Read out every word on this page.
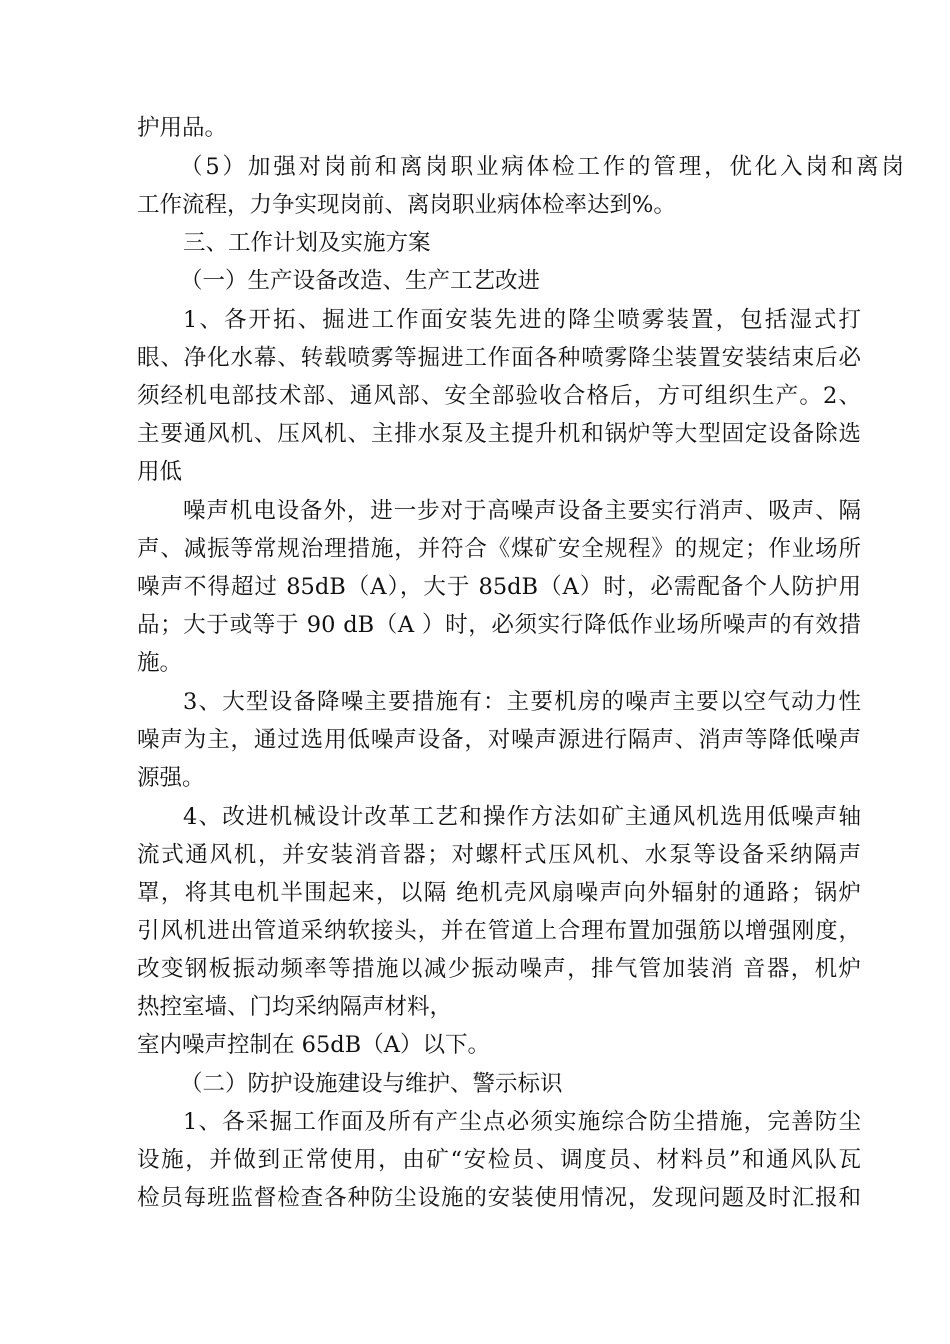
护用品。

（5）加强对岗前和离岗职业病体检工作的管理，优化入岗和离岗

工作流程，力争实现岗前、离岗职业病体检率达到%。

三、工作计划及实施方案

（一）生产设备改造、生产工艺改进

1、各开拓、掘进工作面安装先进的降尘喷雾装置，包括湿式打

眼、净化水幕、转载喷雾等掘进工作面各种喷雾降尘装置安装结束后必

须经机电部技术部、通风部、安全部验收合格后，方可组织生产。2、

主要通风机、压风机、主排水泵及主提升机和锅炉等大型固定设备除选

用低

噪声机电设备外，进一步对于高噪声设备主要实行消声、吸声、隔

声、减振等常规治理措施，并符合《煤矿安全规程》的规定；作业场所

噪声不得超过 85dB（A），大于 85dB（A）时，必需配备个人防护用

品；大于或等于 90 dB（A ）时，必须实行降低作业场所噪声的有效措

施。

3、大型设备降噪主要措施有：主要机房的噪声主要以空气动力性

噪声为主，通过选用低噪声设备，对噪声源进行隔声、消声等降低噪声

源强。

4、改进机械设计改革工艺和操作方法如矿主通风机选用低噪声轴

流式通风机，并安装消音器；对螺杆式压风机、水泵等设备采纳隔声

罩，将其电机半围起来，以隔 绝机壳风扇噪声向外辐射的通路；锅炉

引风机进出管道采纳软接头，并在管道上合理布置加强筋以增强刚度，

改变钢板振动频率等措施以减少振动噪声，排气管加装消 音器，机炉

热控室墙、门均采纳隔声材料，

室内噪声控制在 65dB（A）以下。

（二）防护设施建设与维护、警示标识

1、各采掘工作面及所有产尘点必须实施综合防尘措施，完善防尘

设施，并做到正常使用，由矿“安检员、调度员、材料员”和通风队瓦

检员每班监督检查各种防尘设施的安装使用情况，发现问题及时汇报和
